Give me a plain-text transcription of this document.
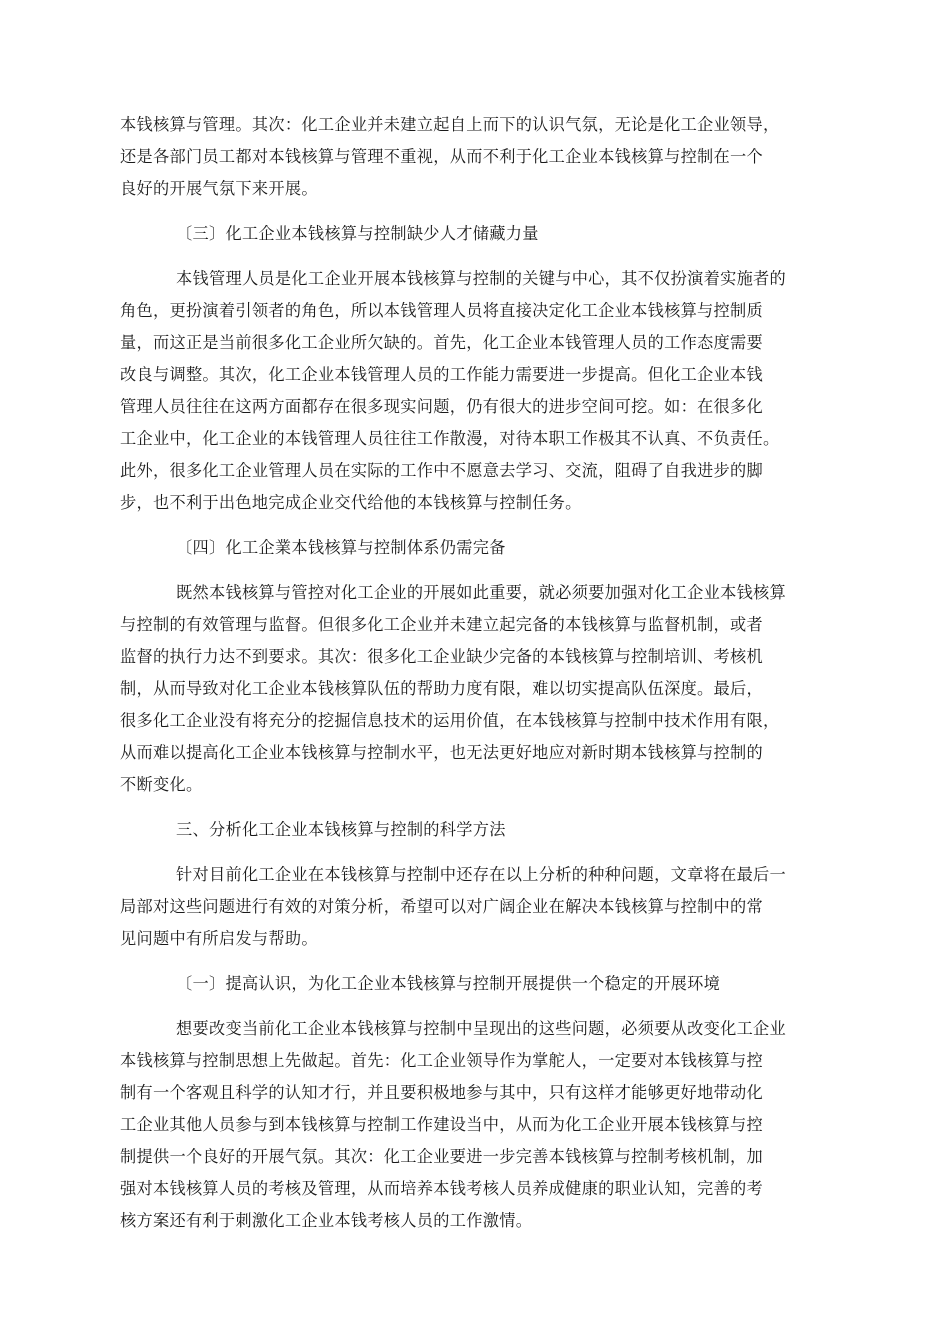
本钱核算与管理。其次：化工企业并未建立起自上而下的认识气氛，无论是化工企业领导，
还是各部门员工都对本钱核算与管理不重视，从而不利于化工企业本钱核算与控制在一个
良好的开展气氛下来开展。
〔三〕化工企业本钱核算与控制缺少人才储藏力量
本钱管理人员是化工企业开展本钱核算与控制的关键与中心，其不仅扮演着实施者的
角色，更扮演着引领者的角色，所以本钱管理人员将直接决定化工企业本钱核算与控制质
量，而这正是当前很多化工企业所欠缺的。首先，化工企业本钱管理人员的工作态度需要
改良与调整。其次，化工企业本钱管理人员的工作能力需要进一步提高。但化工企业本钱
管理人员往往在这两方面都存在很多现实问题，仍有很大的进步空间可挖。如：在很多化
工企业中，化工企业的本钱管理人员往往工作散漫，对待本职工作极其不认真、不负责任。
此外，很多化工企业管理人员在实际的工作中不愿意去学习、交流，阻碍了自我进步的脚
步，也不利于出色地完成企业交代给他的本钱核算与控制任务。
〔四〕化工企業本钱核算与控制体系仍需完备
既然本钱核算与管控对化工企业的开展如此重要，就必须要加强对化工企业本钱核算
与控制的有效管理与监督。但很多化工企业并未建立起完备的本钱核算与监督机制，或者
监督的执行力达不到要求。其次：很多化工企业缺少完备的本钱核算与控制培训、考核机
制，从而导致对化工企业本钱核算队伍的帮助力度有限，难以切实提高队伍深度。最后，
很多化工企业没有将充分的挖掘信息技术的运用价值，在本钱核算与控制中技术作用有限，
从而难以提高化工企业本钱核算与控制水平，也无法更好地应对新时期本钱核算与控制的
不断变化。
三、分析化工企业本钱核算与控制的科学方法
针对目前化工企业在本钱核算与控制中还存在以上分析的种种问题，文章将在最后一
局部对这些问题进行有效的对策分析，希望可以对广阔企业在解决本钱核算与控制中的常
见问题中有所启发与帮助。
〔一〕提高认识，为化工企业本钱核算与控制开展提供一个稳定的开展环境
想要改变当前化工企业本钱核算与控制中呈现出的这些问题，必须要从改变化工企业
本钱核算与控制思想上先做起。首先：化工企业领导作为掌舵人，一定要对本钱核算与控
制有一个客观且科学的认知才行，并且要积极地参与其中，只有这样才能够更好地带动化
工企业其他人员参与到本钱核算与控制工作建设当中，从而为化工企业开展本钱核算与控
制提供一个良好的开展气氛。其次：化工企业要进一步完善本钱核算与控制考核机制，加
强对本钱核算人员的考核及管理，从而培养本钱考核人员养成健康的职业认知，完善的考
核方案还有利于刺激化工企业本钱考核人员的工作激情。
